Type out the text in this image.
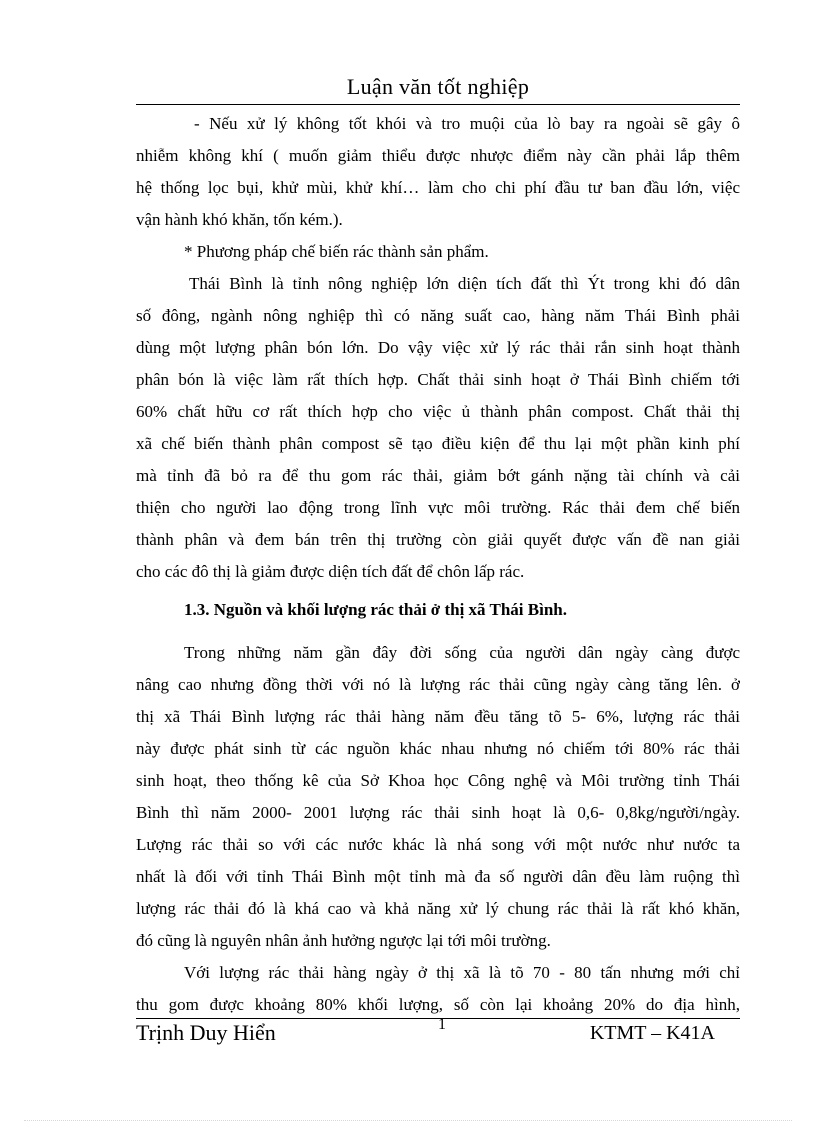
Luận văn tốt nghiệp
- Nếu xử lý không tốt khói và tro muội của lò bay ra ngoài sẽ gây ô
nhiễm không khí ( muốn giảm thiểu được nhược điểm này cần phải lắp thêm
hệ thống lọc bụi, khử mùi, khử khí… làm cho chi phí đầu tư ban đầu lớn, việc
vận hành khó khăn, tốn kém.).
* Phương pháp chế biến rác thành sản phẩm.
Thái Bình là tỉnh nông nghiệp lớn diện tích đất thì Ýt trong khi đó dân
số đông, ngành nông nghiệp thì có năng suất cao, hàng năm Thái Bình phải
dùng một lượng phân bón lớn. Do vậy việc xử lý rác thải rắn sinh hoạt thành
phân bón là việc làm rất thích hợp. Chất thải sinh hoạt ở Thái Bình chiếm tới
60% chất hữu cơ rất thích hợp cho việc ủ thành phân compost. Chất thải thị
xã chế biến thành phân compost sẽ tạo điều kiện để thu lại một phần kinh phí
mà tỉnh đã bỏ ra để thu gom rác thải, giảm bớt gánh nặng tài chính và cải
thiện cho người lao động trong lĩnh vực môi trường. Rác thải đem chế biến
thành phân và đem bán trên thị trường còn giải quyết được vấn đề nan giải
cho các đô thị là giảm được diện tích đất để chôn lấp rác.
1.3. Nguồn và khối lượng rác thải ở thị xã Thái Bình.
Trong những năm gần đây đời sống của người dân ngày càng được
nâng cao nhưng đồng thời với nó là lượng rác thải cũng ngày càng tăng lên. ở
thị xã Thái Bình lượng rác thải hàng năm đều tăng tõ 5- 6%, lượng rác thải
này được phát sinh từ các nguồn khác nhau nhưng nó chiếm tới 80% rác thải
sinh hoạt, theo thống kê của Sở Khoa học Công nghệ và Môi trường tỉnh Thái
Bình thì năm 2000- 2001 lượng rác thải sinh hoạt là 0,6- 0,8kg/người/ngày.
Lượng rác thải so với các nước khác là nhá song với một nước như nước ta
nhất là đối với tỉnh Thái Bình một tỉnh mà đa số người dân đều làm ruộng thì
lượng rác thải đó là khá cao và khả năng xử lý chung rác thải là rất khó khăn,
đó cũng là nguyên nhân ảnh hưởng ngược lại tới môi trường.
Với lượng rác thải hàng ngày ở thị xã là tõ 70 - 80 tấn nhưng mới chỉ
thu gom được khoảng 80% khối lượng, số còn lại khoảng 20% do địa hình,
Trịnh Duy Hiển	1	KTMT – K41A
